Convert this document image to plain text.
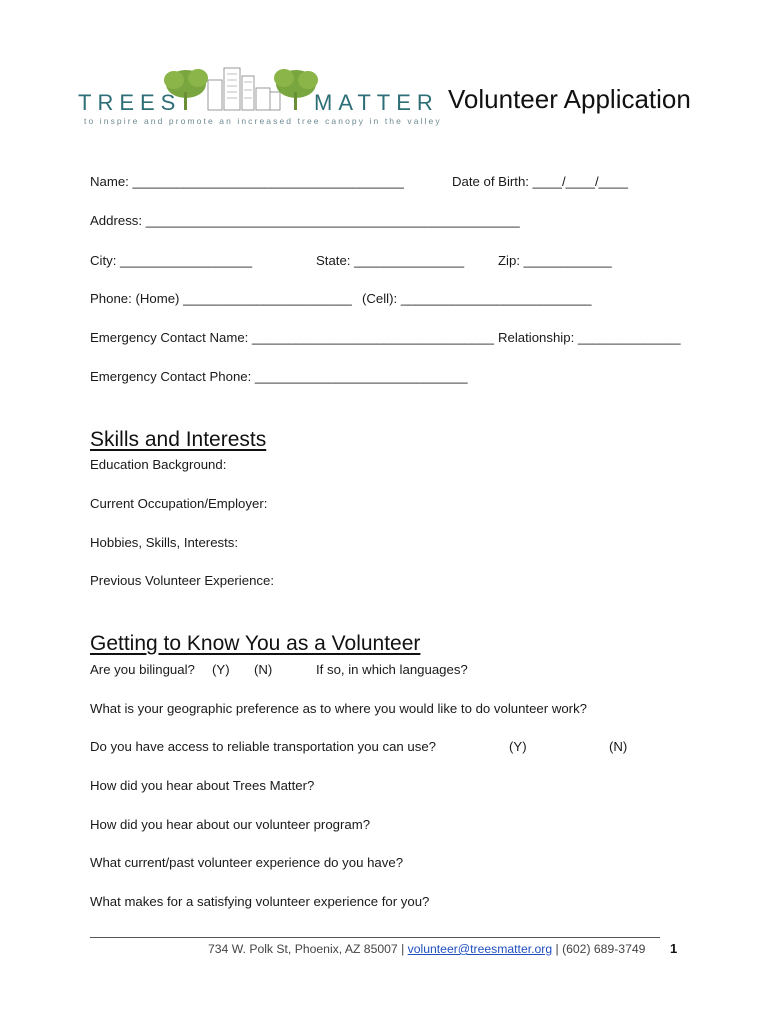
TREES	MATTER
to inspire and promote an increased tree canopy in the valley
Volunteer Application
Name: _____________________________________	Date of Birth: ____/____/____
Address: ___________________________________________________
City: __________________	State: _______________	Zip: ____________
Phone: (Home) _______________________ (Cell): __________________________
Emergency Contact Name: _________________________________ Relationship: ______________
Emergency Contact Phone: _____________________________
Skills and Interests
Education Background:
Current Occupation/Employer:
Hobbies, Skills, Interests:
Previous Volunteer Experience:
Getting to Know You as a Volunteer
Are you bilingual? (Y) (N)	If so, in which languages?
What is your geographic preference as to where you would like to do volunteer work?
Do you have access to reliable transportation you can use?	(Y)	(N)
How did you hear about Trees Matter?
How did you hear about our volunteer program?
What current/past volunteer experience do you have?
What makes for a satisfying volunteer experience for you?
734 W. Polk St, Phoenix, AZ 85007 | volunteer@treesmatter.org | (602) 689-3749 1
